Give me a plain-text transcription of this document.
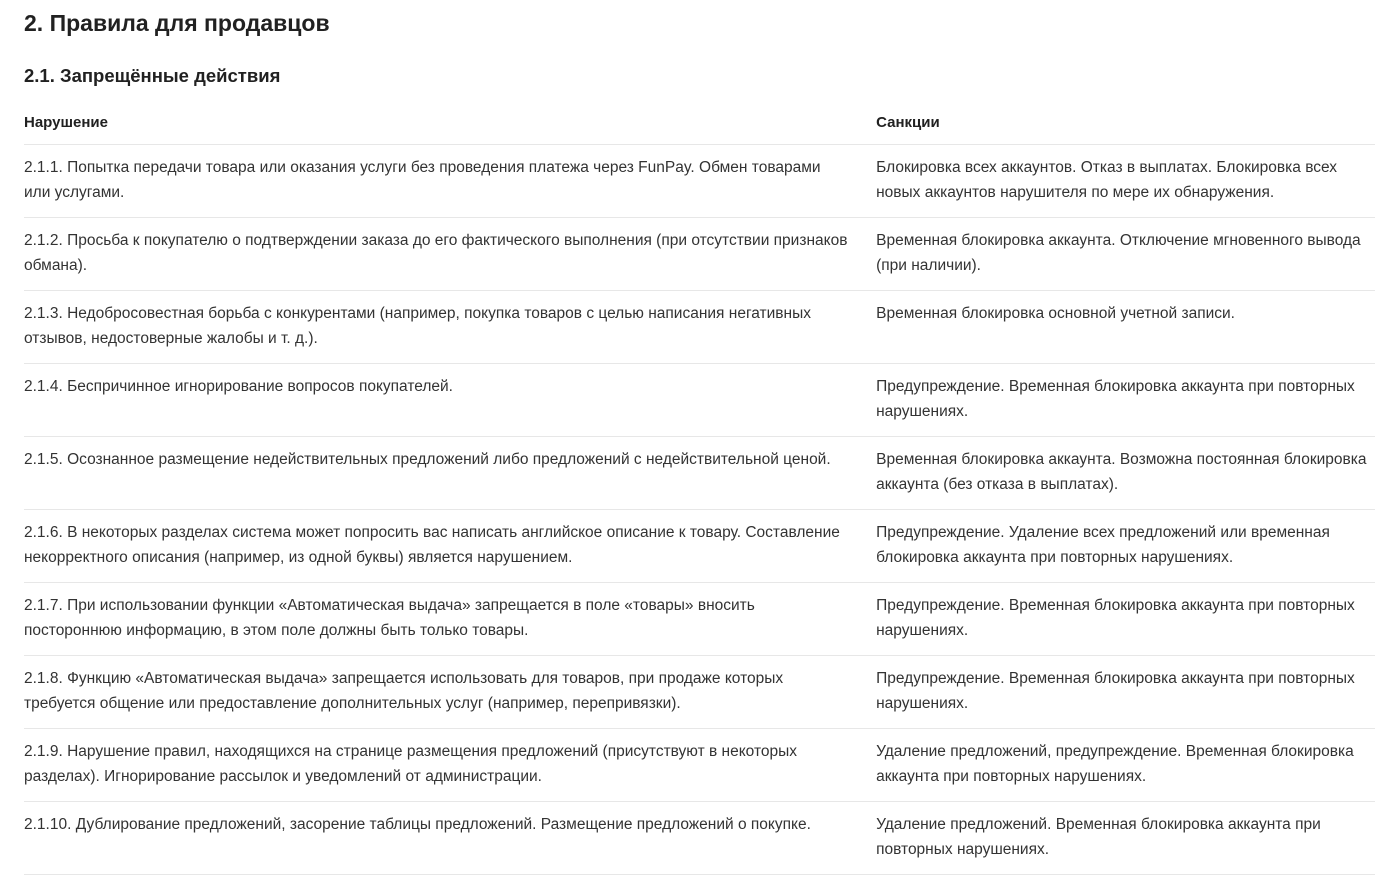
2. Правила для продавцов
2.1. Запрещённые действия
Нарушение	Санкции
2.1.1. Попытка передачи товара или оказания услуги без проведения платежа через FunPay. Обмен товарами или услугами.	Блокировка всех аккаунтов. Отказ в выплатах. Блокировка всех новых аккаунтов нарушителя по мере их обнаружения.
2.1.2. Просьба к покупателю о подтверждении заказа до его фактического выполнения (при отсутствии признаков обмана).	Временная блокировка аккаунта. Отключение мгновенного вывода (при наличии).
2.1.3. Недобросовестная борьба с конкурентами (например, покупка товаров с целью написания негативных отзывов, недостоверные жалобы и т. д.).	Временная блокировка основной учетной записи.
2.1.4. Беспричинное игнорирование вопросов покупателей.	Предупреждение. Временная блокировка аккаунта при повторных нарушениях.
2.1.5. Осознанное размещение недействительных предложений либо предложений с недействительной ценой.	Временная блокировка аккаунта. Возможна постоянная блокировка аккаунта (без отказа в выплатах).
2.1.6. В некоторых разделах система может попросить вас написать английское описание к товару. Составление некорректного описания (например, из одной буквы) является нарушением.	Предупреждение. Удаление всех предложений или временная блокировка аккаунта при повторных нарушениях.
2.1.7. При использовании функции «Автоматическая выдача» запрещается в поле «товары» вносить постороннюю информацию, в этом поле должны быть только товары.	Предупреждение. Временная блокировка аккаунта при повторных нарушениях.
2.1.8. Функцию «Автоматическая выдача» запрещается использовать для товаров, при продаже которых требуется общение или предоставление дополнительных услуг (например, перепривязки).	Предупреждение. Временная блокировка аккаунта при повторных нарушениях.
2.1.9. Нарушение правил, находящихся на странице размещения предложений (присутствуют в некоторых разделах). Игнорирование рассылок и уведомлений от администрации.	Удаление предложений, предупреждение. Временная блокировка аккаунта при повторных нарушениях.
2.1.10. Дублирование предложений, засорение таблицы предложений. Размещение предложений о покупке.	Удаление предложений. Временная блокировка аккаунта при повторных нарушениях.
